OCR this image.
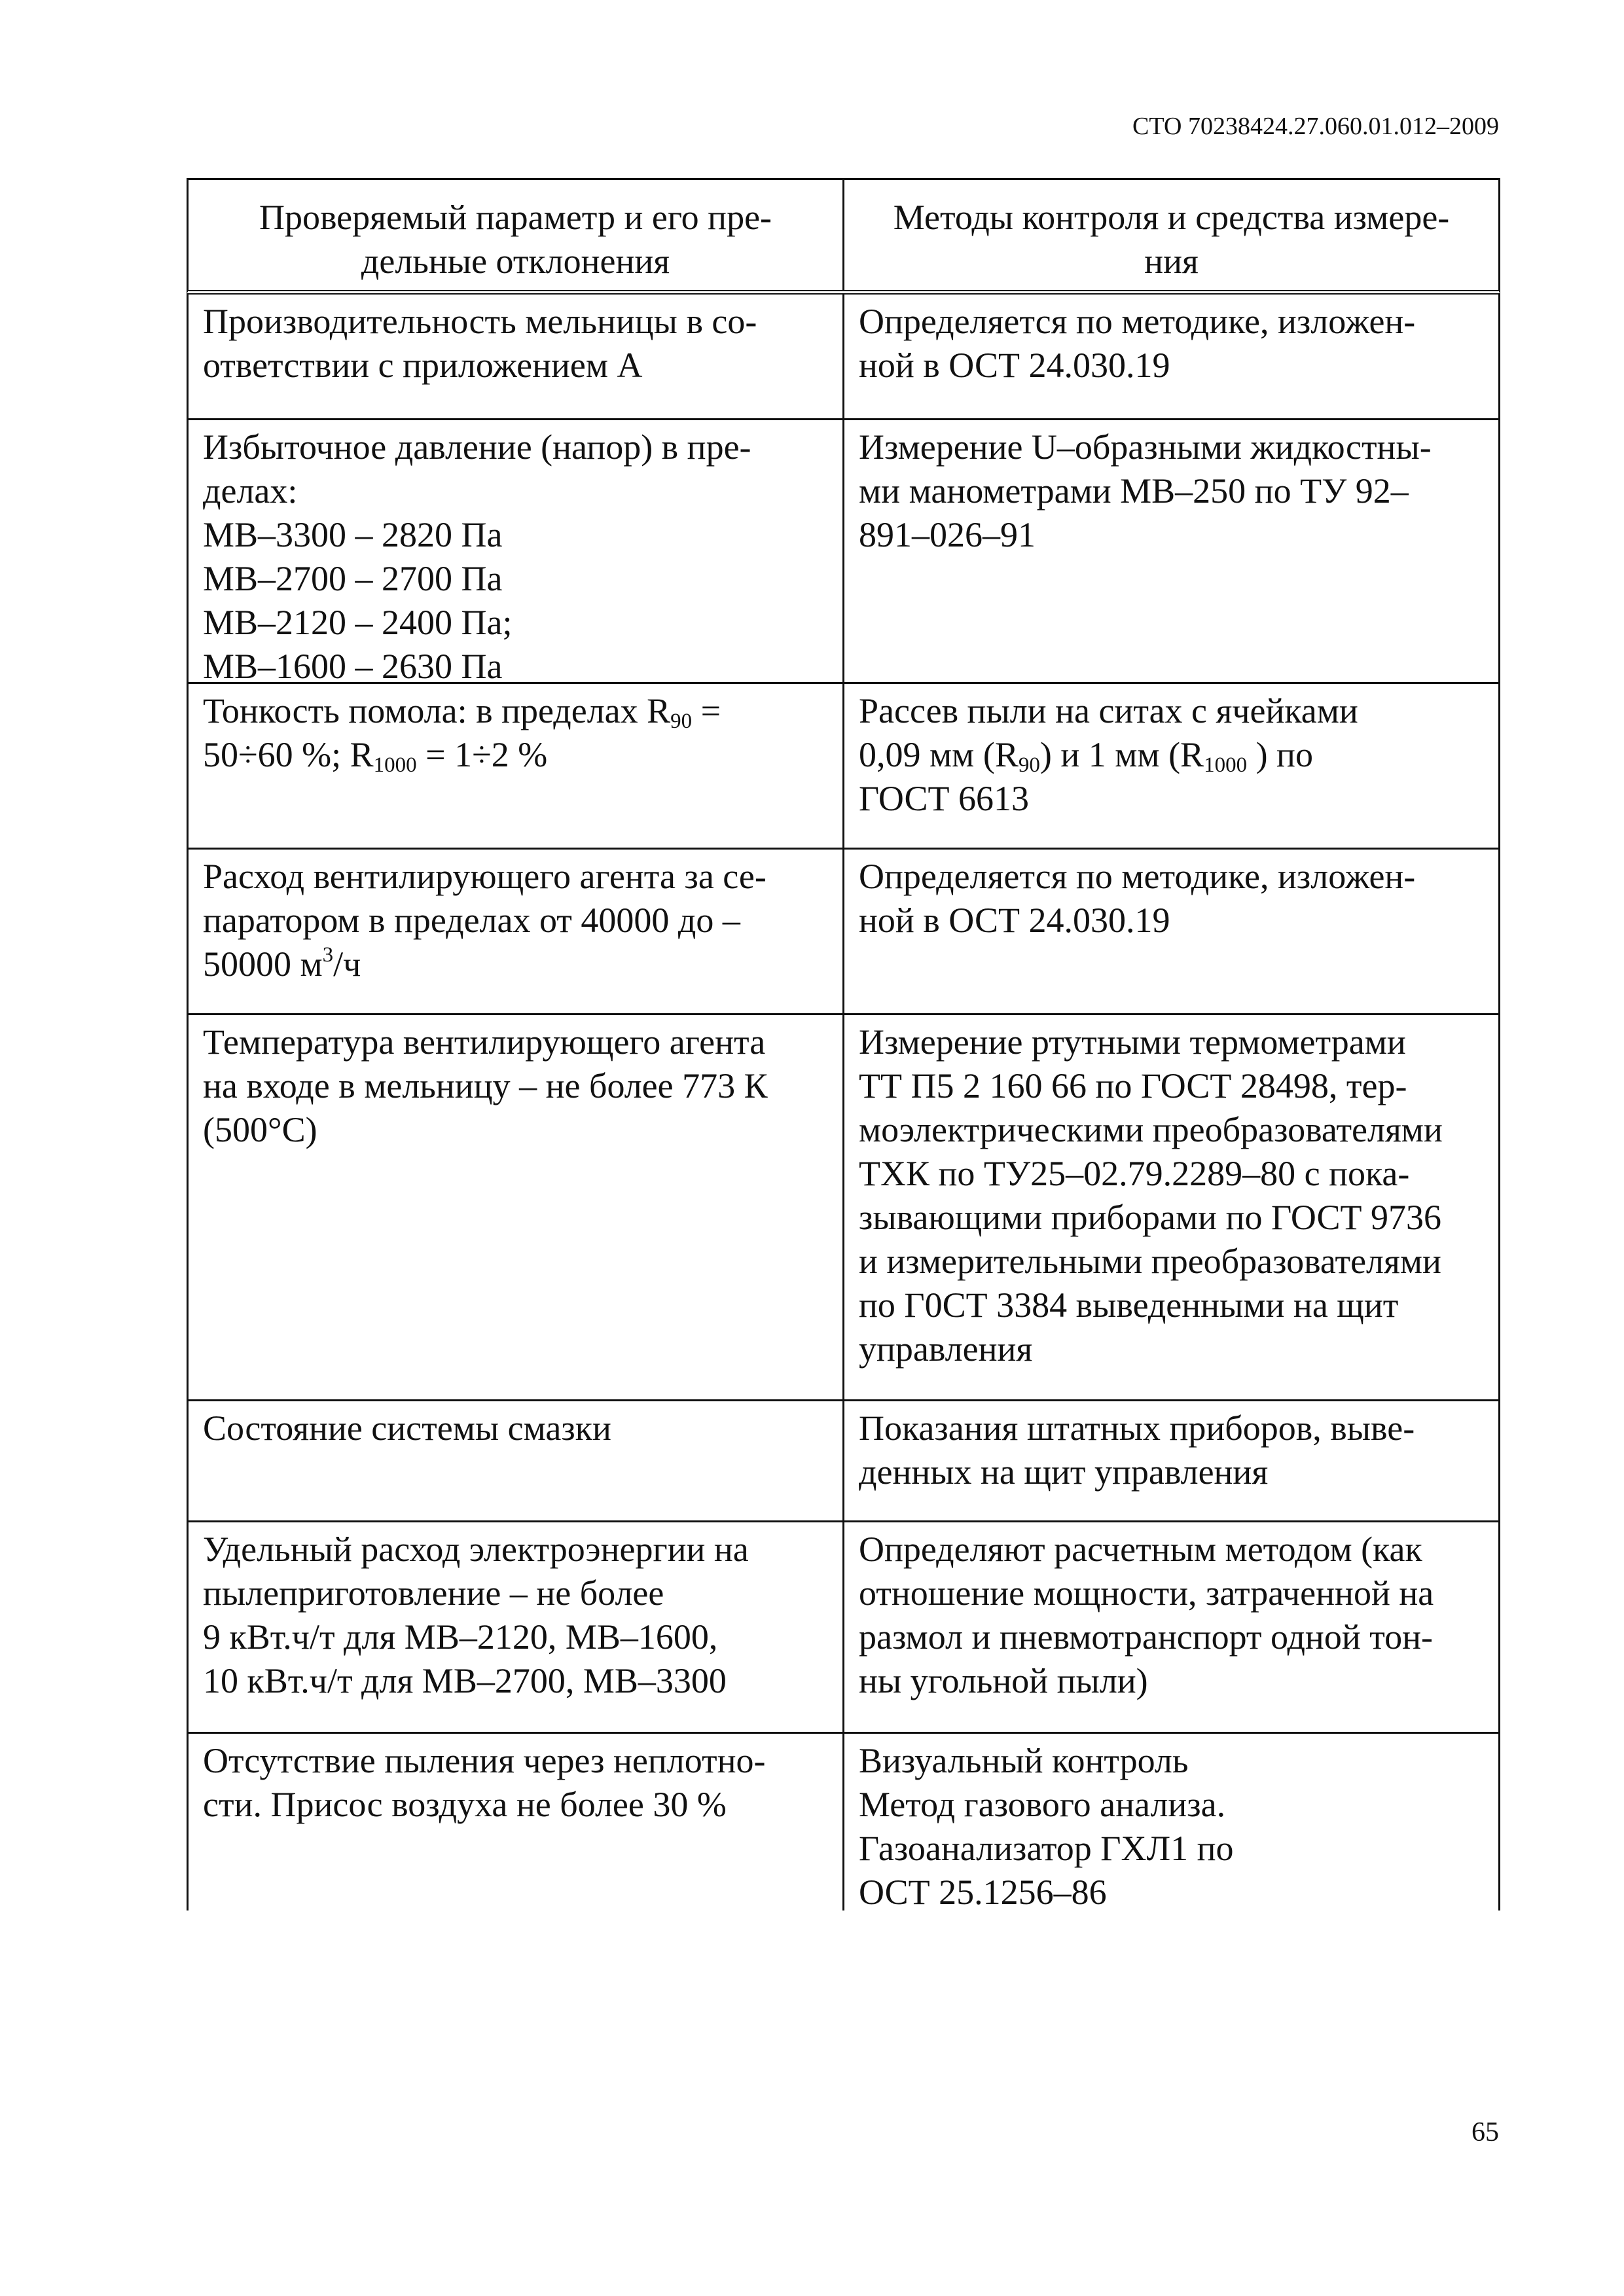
СТО 70238424.27.060.01.012–2009
Проверяемый параметр и его пре-
дельные отклонения
Методы контроля и средства измере-
ния
Производительность мельницы в со-
ответствии с приложением А
Определяется по методике, изложен-
ной в ОСТ 24.030.19
Избыточное давление (напор) в пре-
делах:
МВ–3300 – 2820 Па
МВ–2700 – 2700 Па
МВ–2120 – 2400 Па;
МВ–1600 – 2630 Па
Измерение U–образными жидкостны-
ми манометрами МВ–250 по ТУ 92–
891–026–91
Тонкость помола: в пределах $R_{90}$ =
50÷60 %; $R_{1000} = 1\div 2$ %
Рассев пыли на ситах с ячейками
0,09 мм $(R_{90})$ и 1 мм ($R_{1000}$ ) по
ГОСТ 6613
Расход вентилирующего агента за се-
паратором в пределах от 40000 до –
50000 $м^3/ч$
Определяется по методике, изложен-
ной в ОСТ 24.030.19
Температура вентилирующего агента
на входе в мельницу – не более 773 К
(500°С)
Измерение ртутными термометрами
ТТ П5 2 160 66 по ГОСТ 28498, тер-
моэлектрическими преобразователями
ТХК по ТУ25–02.79.2289–80 с пока-
зывающими приборами по ГОСТ 9736
и измерительными преобразователями
по Г0СТ 3384 выведенными на щит
управления
Состояние системы смазки	Показания штатных приборов, выве-
денных на щит управления
Удельный расход электроэнергии на
пылеприготовление – не более
9 кВт.ч/т для МВ–2120, МВ–1600,
10 кВт.ч/т для МВ–2700, МВ–3300
Определяют расчетным методом (как
отношение мощности, затраченной на
размол и пневмотранспорт одной тон-
ны угольной пыли)
Отсутствие пыления через неплотно-
сти. Присос воздуха не более 30 %
Визуальный контроль
Метод газового анализа.
Газоанализатор ГХЛ1 по
ОСТ 25.1256–86
65
